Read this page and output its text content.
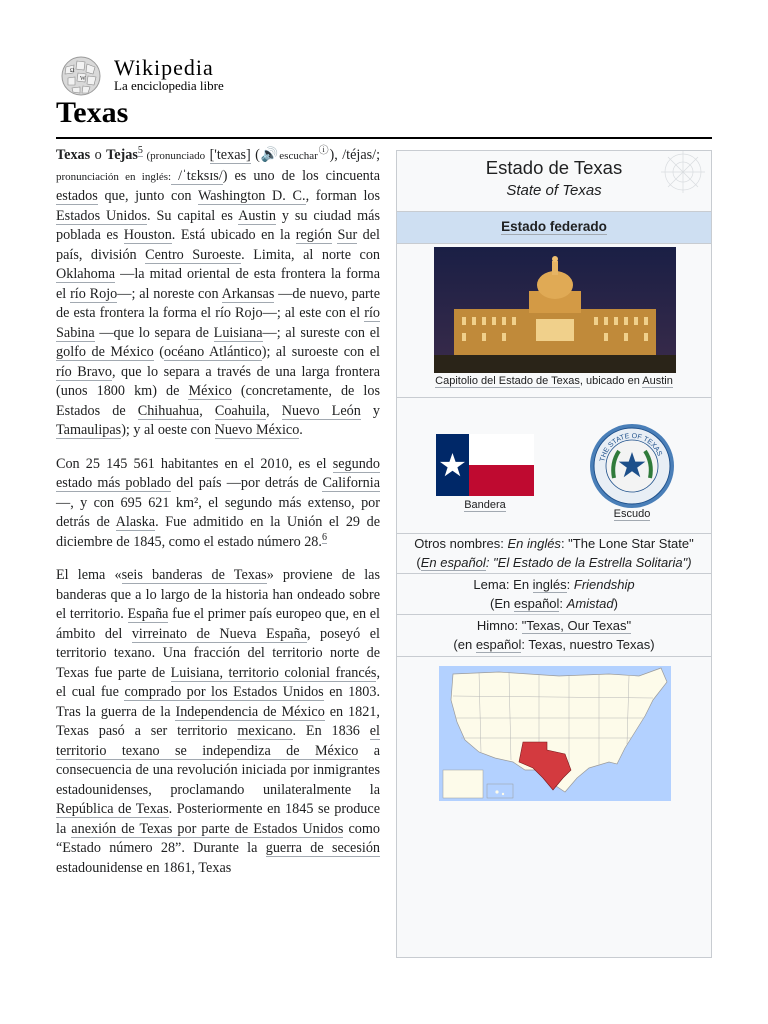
Ω
W Wikipedia
La enciclopedia libre
Texas

Texas o Tejas$^5$ (pronunciado ['texas] (🔊escucharⓘ), /téjas/; pronunciación en inglés: /ˈtɛksɪs/) es uno de los cincuenta estados que, junto con Washington D. C., forman los Estados Unidos. Su capital es Austin y su ciudad más poblada es Houston. Está ubicado en la región Sur del país, división Centro Suroeste. Limita, al norte con Oklahoma —la mitad oriental de esta frontera la forma el río Rojo—; al noreste con Arkansas —de nuevo, parte de esta frontera la forma el río Rojo—; al este con el río Sabina —que lo separa de Luisiana—; al sureste con el golfo de México (océano Atlántico); al suroeste con el río Bravo, que lo separa a través de una larga frontera (unos 1800 km) de México (concretamente, de los Estados de Chihuahua, Coahuila, Nuevo León y Tamaulipas); y al oeste con Nuevo México.

Con 25 145 561 habitantes en el 2010, es el segundo estado más poblado del país —por detrás de California—, y con 695 621 km², el segundo más extenso, por detrás de Alaska. Fue admitido en la Unión el 29 de diciembre de 1845, como el estado número 28.$^6$

El lema «seis banderas de Texas» proviene de las banderas que a lo largo de la historia han ondeado sobre el territorio. España fue el primer país europeo que, en el ámbito del virreinato de Nueva España, poseyó el territorio texano. Una fracción del territorio norte de Texas fue parte de Luisiana, territorio colonial francés, el cual fue comprado por los Estados Unidos en 1803. Tras la guerra de la Independencia de México en 1821, Texas pasó a ser territorio mexicano. En 1836 el territorio texano se independiza de México a consecuencia de una revolución iniciada por inmigrantes estadounidenses, proclamando unilateralmente la República de Texas. Posteriormente en 1845 se produce la anexión de Texas por parte de Estados Unidos como “Estado número 28”. Durante la guerra de secesión estadounidense en 1861, Texas

Estado de Texas
State of Texas
Estado federado
Capitolio del Estado de Texas, ubicado en Austin
Bandera
THE STATE OF TEXAS
Escudo
Otros nombres: En inglés: "The Lone Star State"
(En español: "El Estado de la Estrella Solitaria")
Lema: En inglés: Friendship
(En español: Amistad)
Himno: "Texas, Our Texas"
(en español: Texas, nuestro Texas)
